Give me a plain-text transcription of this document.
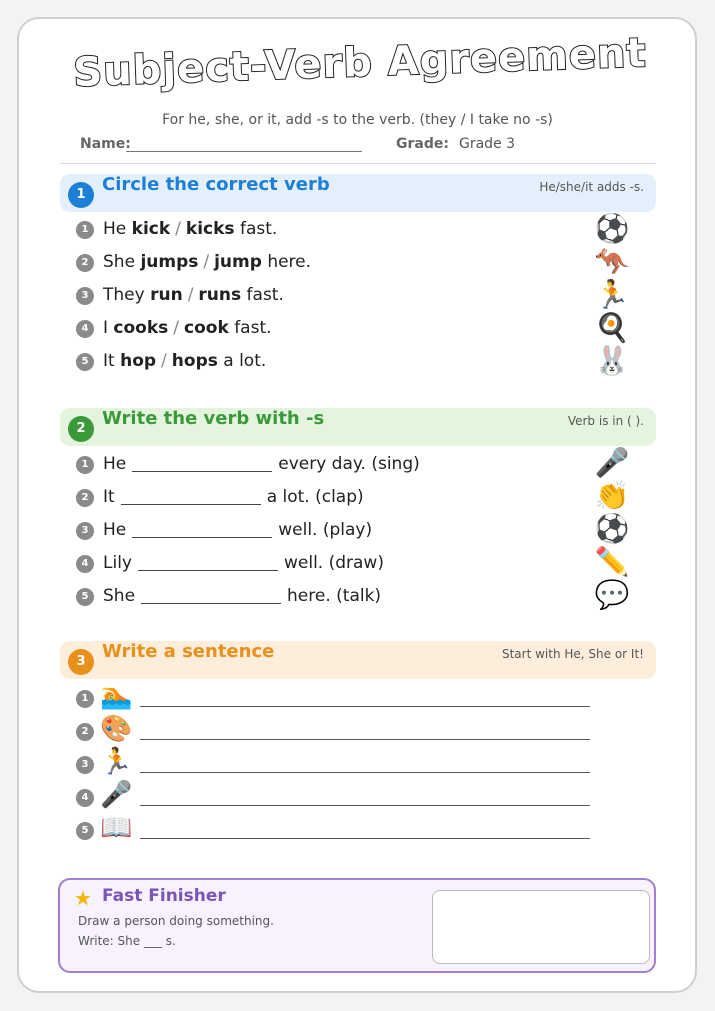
Subject-Verb Agreement
For he, she, or it, add -s to the verb. (they / I take no -s)
Name:	Grade: Grade 3
1 Circle the correct verb	He/she/it adds -s.
1 He kick / kicks fast.	⚽
2 She jumps / jump here.	🦘
3 They run / runs fast.	🏃
4 I cooks / cook fast.	🍳
5 It hop / hops a lot.	🐰
2 Write the verb with -s	Verb is in ( ).
1 He	every day. (sing)	🎤
2 It	a lot. (clap)	👏
3 He	well. (play)	⚽
4 Lily	well. (draw)	✏️
5 She	here. (talk)	💬
3 Write a sentence	Start with He, She or It!
1 🏊
2 🎨
3 🏃
4 🎤
5 📖
★ Fast Finisher
Draw a person doing something.
Write: She ___ s.
